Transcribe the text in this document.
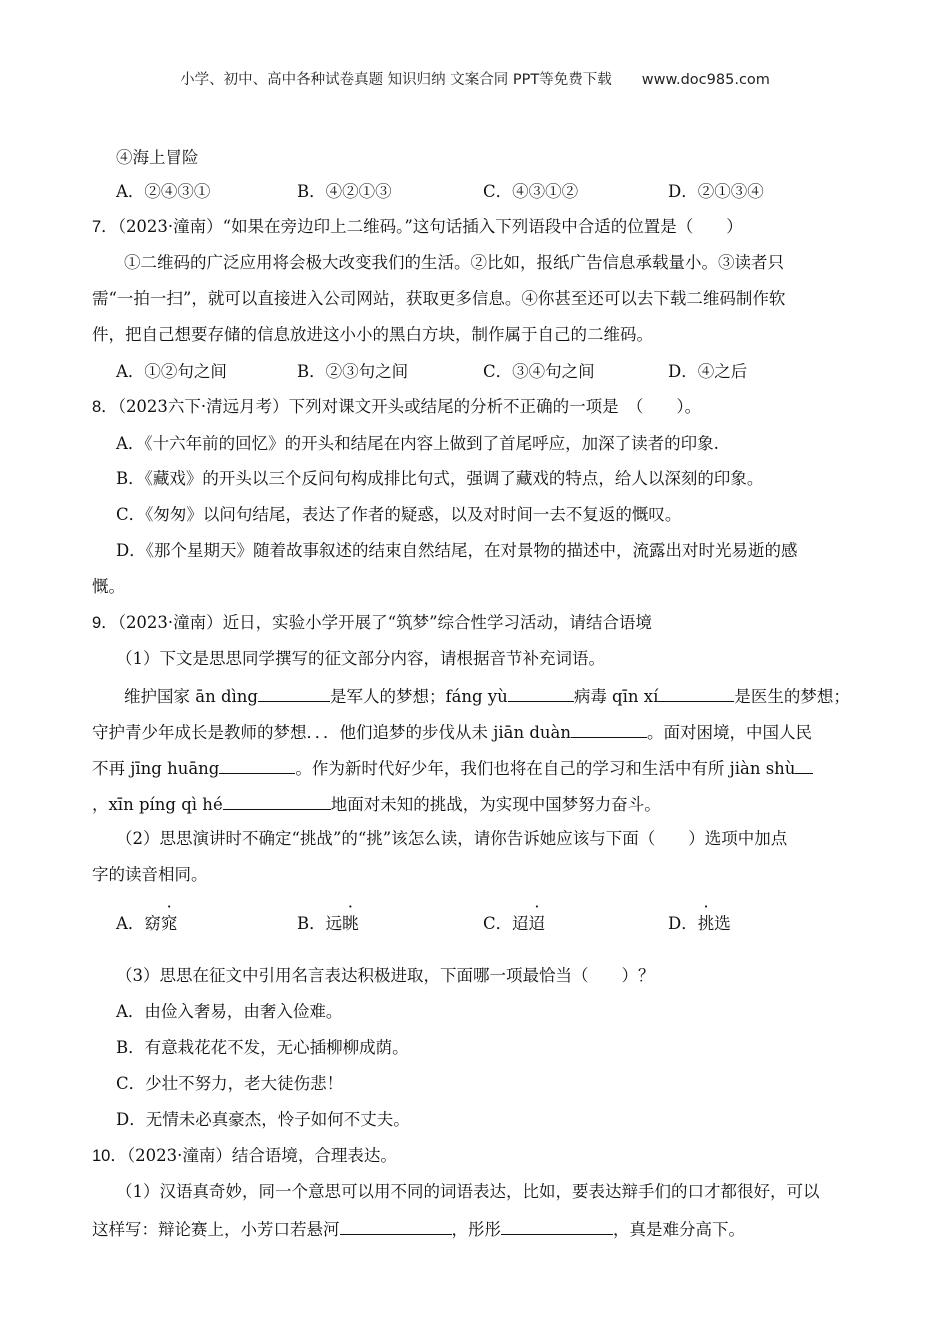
小学、初中、高中各种试卷真题 知识归纳 文案合同 PPT等免费下载 www.doc985.com
④海上冒险
A．②④③①	B．④②①③	C．④③①②	D．②①③④
7．（2023·潼南）“如果在旁边印上二维码。”这句话插入下列语段中合适的位置是（　　）
①二维码的广泛应用将会极大改变我们的生活。②比如，报纸广告信息承载量小。③读者只
需“一拍一扫”，就可以直接进入公司网站，获取更多信息。④你甚至还可以去下载二维码制作软
件，把自己想要存储的信息放进这小小的黑白方块，制作属于自己的二维码。
A．①②句之间	B．②③句之间	C．③④句之间	D．④之后
8．（2023六下·清远月考）下列对课文开头或结尾的分析不正确的一项是　（　　）。
A．《十六年前的回忆》的开头和结尾在内容上做到了首尾呼应，加深了读者的印象.
B．《藏戏》的开头以三个反问句构成排比句式，强调了藏戏的特点，给人以深刻的印象。
C．《匆匆》以问句结尾，表达了作者的疑惑，以及对时间一去不复返的慨叹。
D．《那个星期天》随着故事叙述的结束自然结尾，在对景物的描述中，流露出对时光易逝的感
慨。
9．（2023·潼南）近日，实验小学开展了“筑梦”综合性学习活动，请结合语境
（1）下文是思思同学撰写的征文部分内容，请根据音节补充词语。
维护国家 ān dìng	是军人的梦想；fáng yù	病毒 qīn xí	是医生的梦想；
守护青少年成长是教师的梦想．．．他们追梦的步伐从未 jiān duàn	。面对困境，中国人民
不再 jīng huāng	。作为新时代好少年，我们也将在自己的学习和生活中有所 jiàn shù
，xīn píng qì hé	地面对未知的挑战，为实现中国梦努力奋斗。
（2）思思演讲时不确定“挑战”的“挑”该怎么读，请你告诉她应该与下面（　　）选项中加点
字的读音相同。
A．窈窕	B．远眺	C．迢迢	D．挑选
（3）思思在征文中引用名言表达积极进取，下面哪一项最恰当（　　）？
A．由俭入奢易，由奢入俭难。
B．有意栽花花不发，无心插柳柳成荫。
C．少壮不努力，老大徒伤悲！
D．无情未必真豪杰，怜子如何不丈夫。
10．（2023·潼南）结合语境，合理表达。
（1）汉语真奇妙，同一个意思可以用不同的词语表达，比如，要表达辩手们的口才都很好，可以
这样写：辩论赛上，小芳口若悬河	，彤彤	，真是难分高下。
